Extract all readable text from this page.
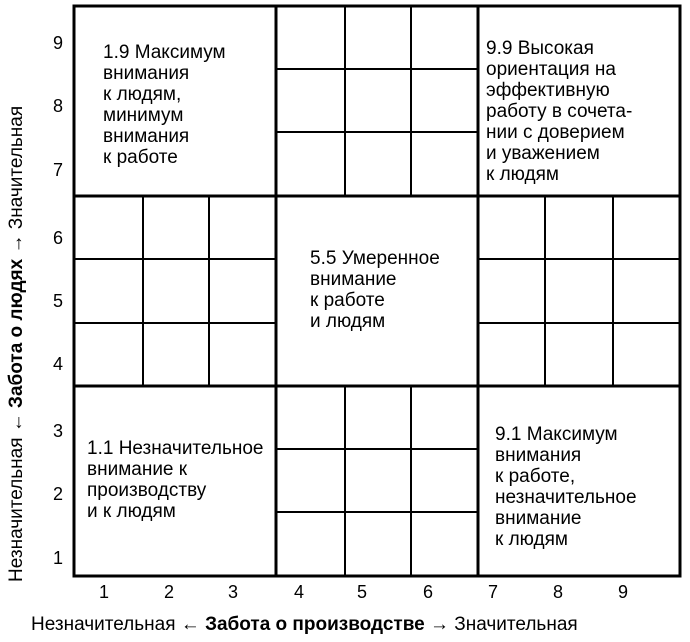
1.9 Максимум
внимания
к людям,
минимум
внимания
к работе
9.9 Высокая
ориентация на
эффективную
работу в сочета-
нии с доверием
и уважением
к людям
5.5 Умеренное
внимание
к работе
и людям
1.1 Незначительное
внимание к
производству
и к людям
9.1 Максимум
внимания
к работе,
незначительное
внимание
к людям
9
8
7
6
5
4
3
2
1
1	2	3	4	5	6	7	8	9
Незначительная ← Забота о производстве → Значительная
Незначительная ← Забота о людях → Значительная
